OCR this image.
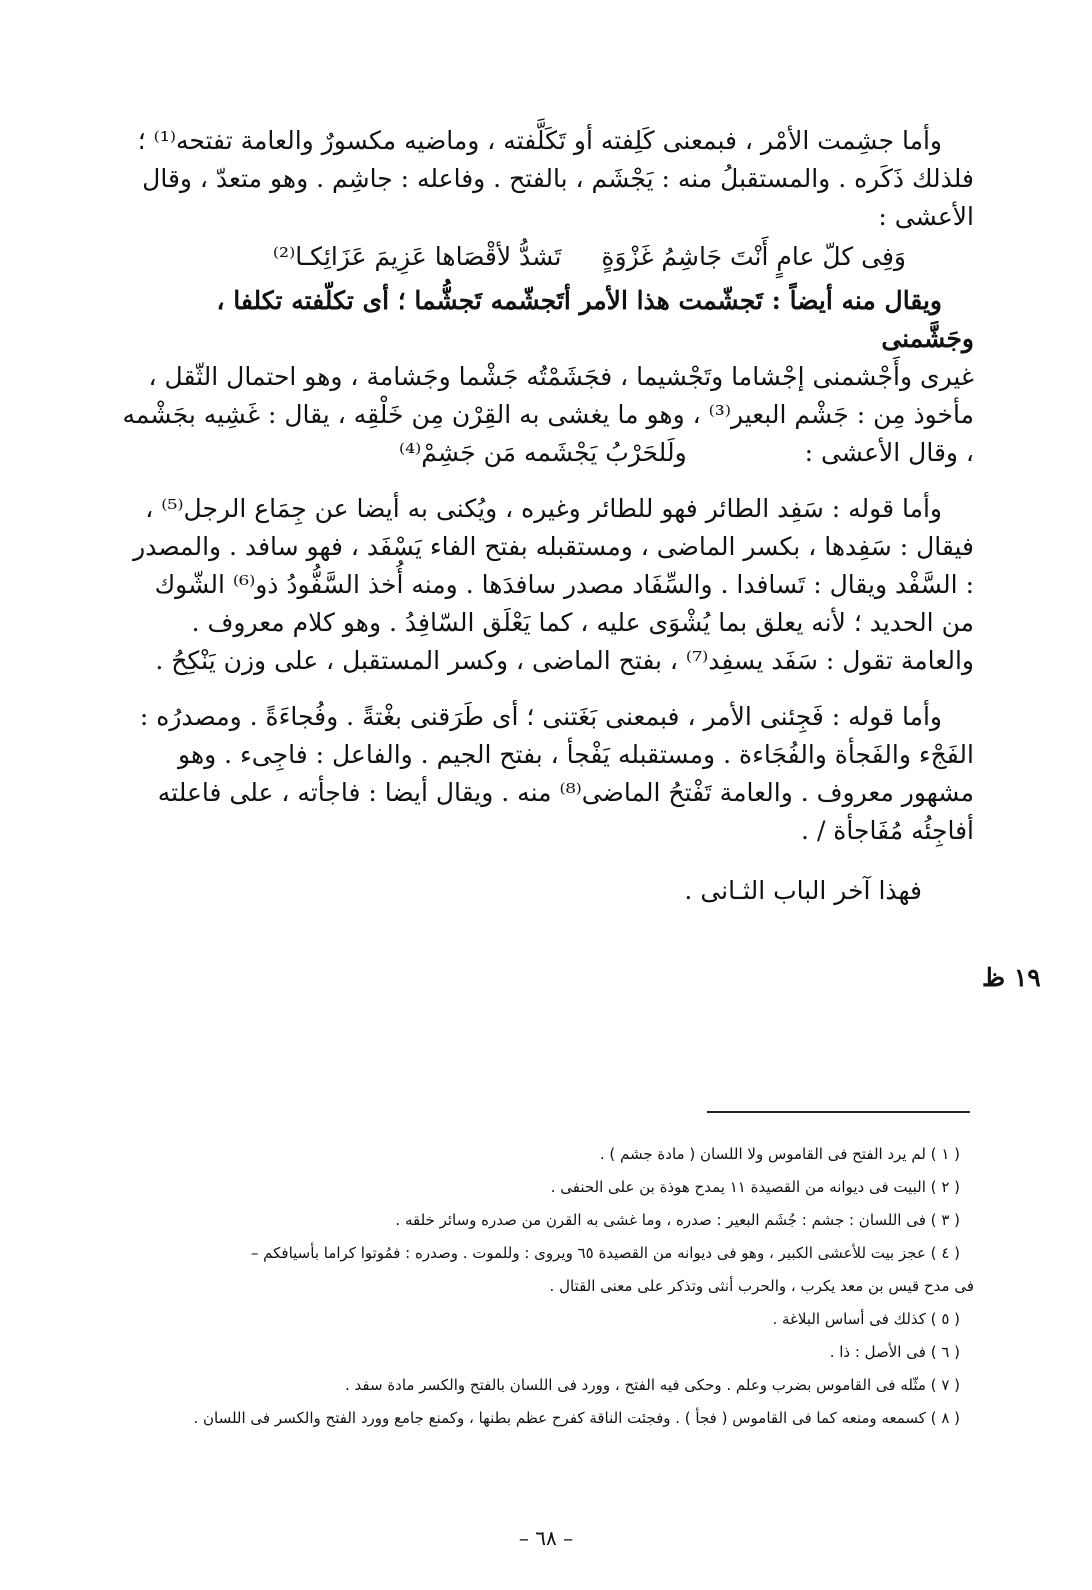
وأما جشِمت الأمْر ، فبمعنى كَلِفته أو تَكَلَّفته ، وماضيه مكسورٌ والعامة تفتحه⁽¹⁾ ؛ فلذلك ذَكَره . والمستقبلُ منه : يَجْشَم ، بالفتح . وفاعله : جاشِم . وهو متعدّ ، وقال الأعشى :

وَفِى كلّ عامٍ أَنْتَ جَاشِمُ غَزْوَةٍ
تَشدُّ لأقْصَاها عَزِيمَ عَزَائِكـا⁽²⁾

ويقال منه أيضاً : تَجشّمت هذا الأمر أتَجشّمه تَجشُّما ؛ أى تكلّفته تكلفا ، وجَشَّمنى

غيرى وأَجْشمنى إجْشاما وتَجْشيما ، فجَشَمْتُه جَشْما وجَشامة ، وهو احتمال الثّقل ، مأخوذ مِن : جَشْم البعير⁽³⁾ ، وهو ما يغشى به القِرْن مِن خَلْقِه ، يقال : غَشِيه بجَشْمه ، وقال الأعشى : ولَلحَرْبُ يَجْشَمه مَن جَشِمْ⁽⁴⁾

وأما قوله : سَفِد الطائر فهو للطائر وغيره ، ويُكنى به أيضا عن جِمَاع الرجل⁽⁵⁾ ، فيقال : سَفِدها ، بكسر الماضى ، ومستقبله بفتح الفاء يَسْفَد ، فهو سافد . والمصدر : السَّفْد ويقال : تَسافدا . والسِّفَاد مصدر سافدَها . ومنه أُخذ السَّفُّودُ ذو⁽⁶⁾ الشّوك من الحديد ؛ لأنه يعلق بما يُشْوَى عليه ، كما يَعْلَق السّافِدُ . وهو كلام معروف . والعامة تقول : سَفَد يسفِد⁽⁷⁾ ، بفتح الماضى ، وكسر المستقبل ، على وزن يَنْكِحُ .

وأما قوله : فَجِئنى الأمر ، فبمعنى بَغَتنى ؛ أى طَرَقنى بغْتةً . وفُجاءَةً . ومصدرُه : الفَجْء والفَجأة والفُجَاءة . ومستقبله يَفْجأ ، بفتح الجيم . والفاعل : فاجِىء . وهو مشهور معروف . والعامة تَفْتحُ الماضى⁽⁸⁾ منه . ويقال أيضا : فاجأته ، على فاعلته أفاجِئُه مُفَاجأة / .

فهذا آخر الباب الثـانى .

١٩ ظ

( ١ ) لم يرد الفتح فى القاموس ولا اللسان ( مادة جشم ) .

( ٢ ) البيت فى ديوانه من القصيدة ١١ يمدح هوذة بن على الحنفى .

( ٣ ) فى اللسان : جشم : جُشَم البعير : صدره ، وما غشى به القرن من صدره وسائر خلقه .

( ٤ ) عجز بيت للأعشى الكبير ، وهو فى ديوانه من القصيدة ٦٥ ويروى : وللموت . وصدره : فمُوتوا كراما بأسيافكم –

فى مدح قيس بن معد يكرب ، والحرب أنثى وتذكر على معنى القتال .

( ٥ ) كذلك فى أساس البلاغة .

( ٦ ) فى الأصل : ذا .

( ٧ ) مثّله فى القاموس بضرب وعلم . وحكى فيه الفتح ، وورد فى اللسان بالفتح والكسر مادة سفد .

( ٨ ) كسمعه ومنعه كما فى القاموس ( فجأ ) . وفجئت الناقة كفرح عظم بطنها ، وكمنع جامع وورد الفتح والكسر فى اللسان .

– ٦٨ –
